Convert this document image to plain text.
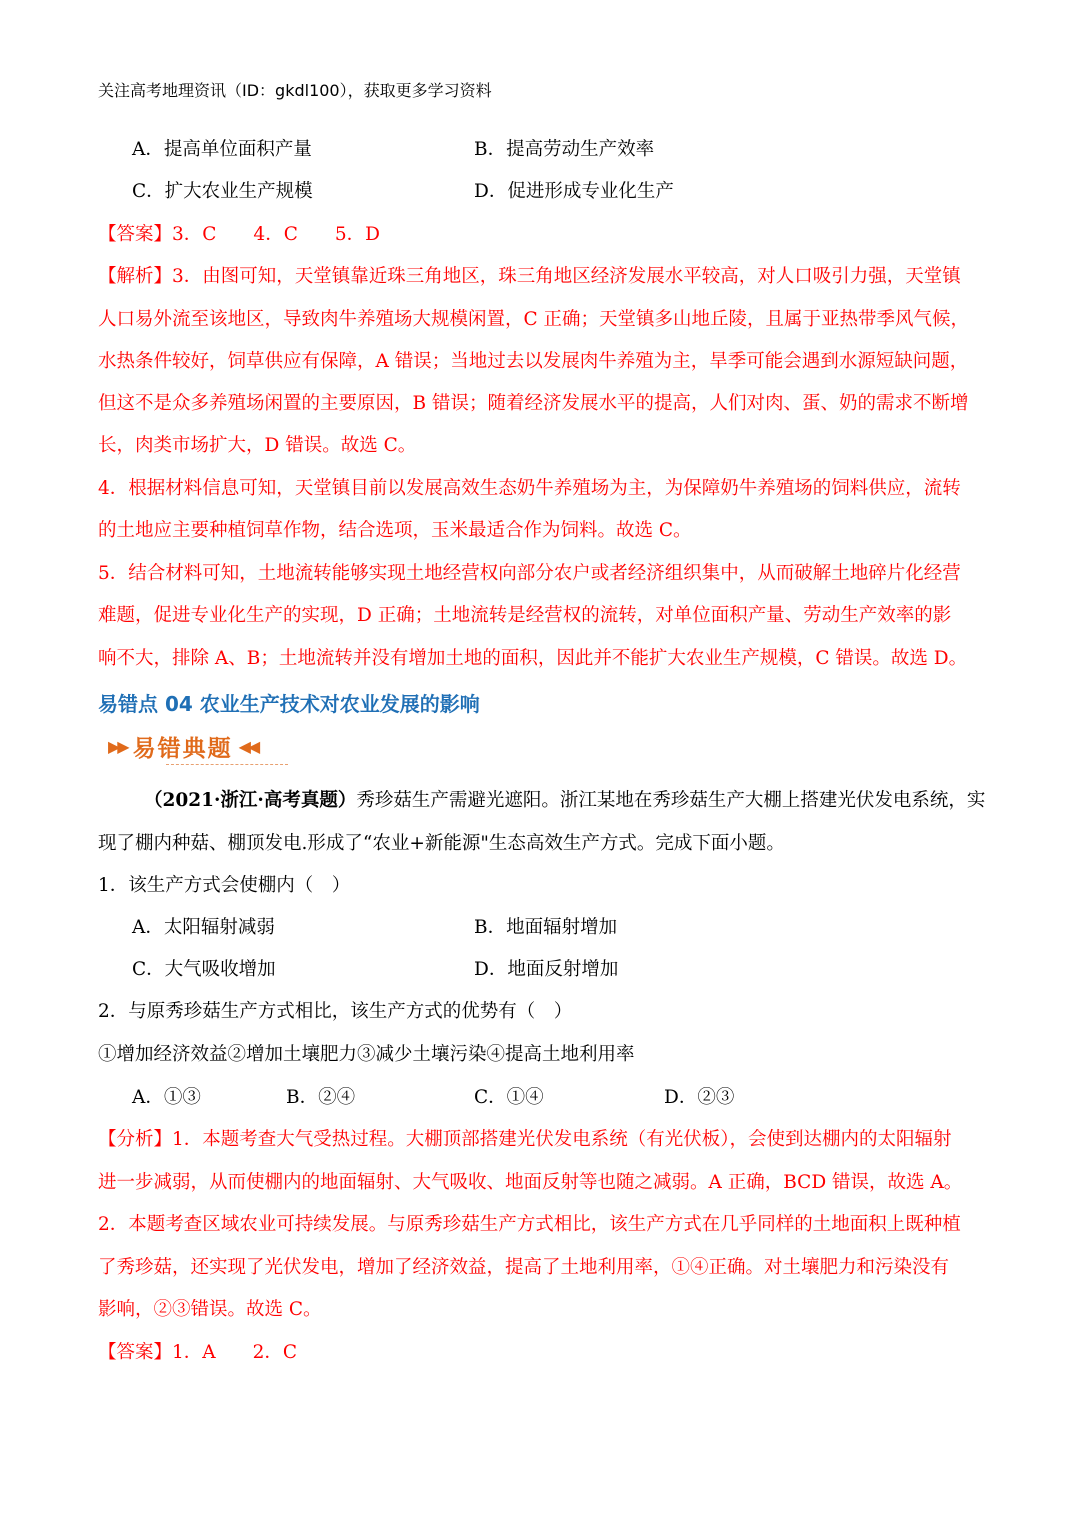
关注高考地理资讯（ID：gkdl100），获取更多学习资料
A．提高单位面积产量	B．提高劳动生产效率
C．扩大农业生产规模	D．促进形成专业化生产
【答案】3．C　　4．C　　5．D
【解析】3．由图可知，天堂镇靠近珠三角地区，珠三角地区经济发展水平较高，对人口吸引力强，天堂镇
人口易外流至该地区，导致肉牛养殖场大规模闲置，C 正确；天堂镇多山地丘陵，且属于亚热带季风气候，
水热条件较好，饲草供应有保障，A 错误；当地过去以发展肉牛养殖为主，旱季可能会遇到水源短缺问题，
但这不是众多养殖场闲置的主要原因，B 错误；随着经济发展水平的提高，人们对肉、蛋、奶的需求不断增
长，肉类市场扩大，D 错误。故选 C。
4．根据材料信息可知，天堂镇目前以发展高效生态奶牛养殖场为主，为保障奶牛养殖场的饲料供应，流转
的土地应主要种植饲草作物，结合选项，玉米最适合作为饲料。故选 C。
5．结合材料可知，土地流转能够实现土地经营权向部分农户或者经济组织集中，从而破解土地碎片化经营
难题，促进专业化生产的实现，D 正确；土地流转是经营权的流转，对单位面积产量、劳动生产效率的影
响不大，排除 A、B；土地流转并没有增加土地的面积，因此并不能扩大农业生产规模，C 错误。故选 D。
易错点 04 农业生产技术对农业发展的影响
▶▶ 易错典题 ◀◀
（2021·浙江·高考真题）秀珍菇生产需避光遮阳。浙江某地在秀珍菇生产大棚上搭建光伏发电系统，实
现了棚内种菇、棚顶发电.形成了“农业+新能源"生态高效生产方式。完成下面小题。
1．该生产方式会使棚内（　）
A．太阳辐射减弱	B．地面辐射增加
C．大气吸收增加	D．地面反射增加
2．与原秀珍菇生产方式相比，该生产方式的优势有（　）
①增加经济效益②增加土壤肥力③减少土壤污染④提高土地利用率
A．①③	B．②④	C．①④	D．②③
【分析】1．本题考查大气受热过程。大棚顶部搭建光伏发电系统（有光伏板），会使到达棚内的太阳辐射
进一步减弱，从而使棚内的地面辐射、大气吸收、地面反射等也随之减弱。A 正确，BCD 错误，故选 A。
2．本题考查区域农业可持续发展。与原秀珍菇生产方式相比，该生产方式在几乎同样的土地面积上既种植
了秀珍菇，还实现了光伏发电，增加了经济效益，提高了土地利用率，①④正确。对土壤肥力和污染没有
影响，②③错误。故选 C。
【答案】1．A　　2．C
